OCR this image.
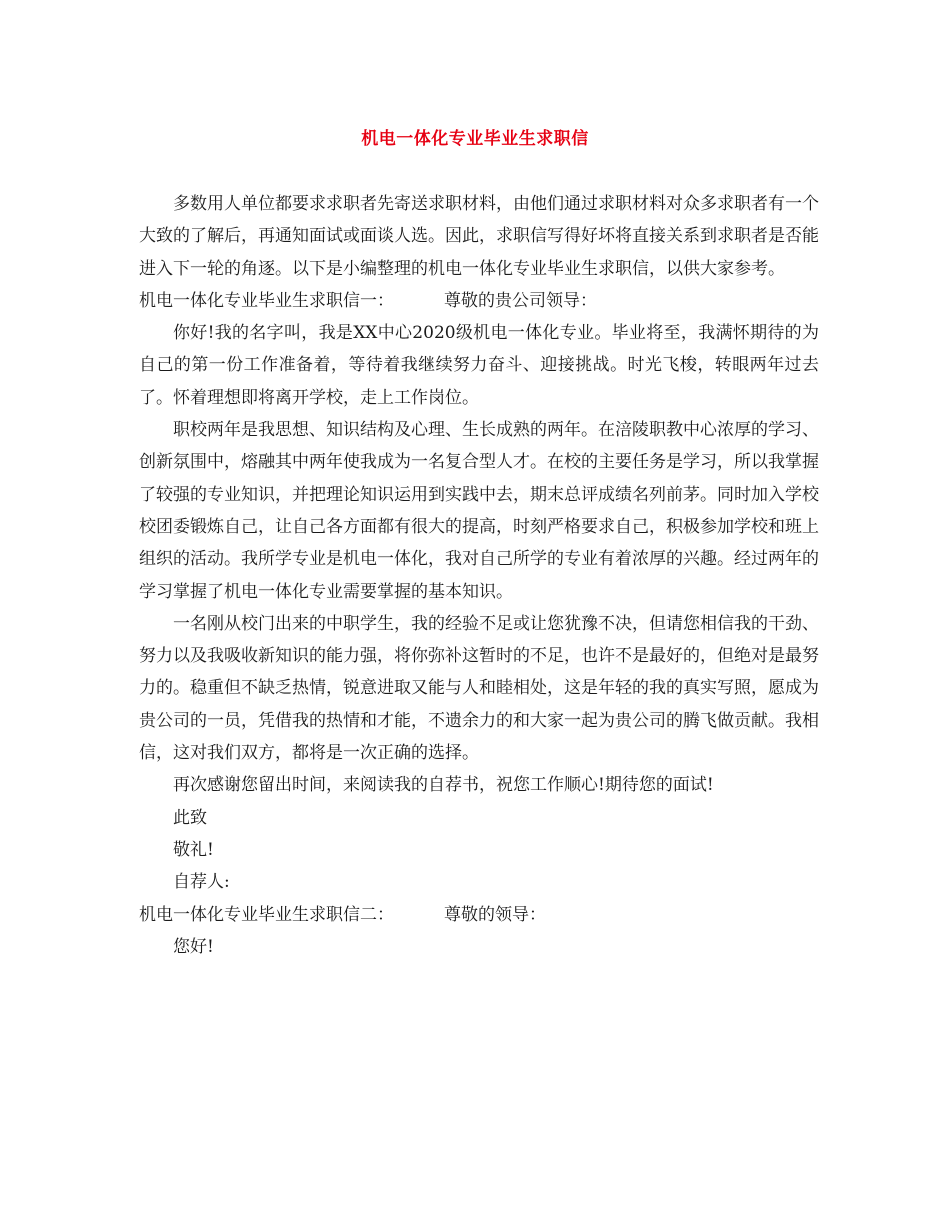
机电一体化专业毕业生求职信

多数用人单位都要求求职者先寄送求职材料，由他们通过求职材料对众多求职者有一个大致的了解后，再通知面试或面谈人选。因此，求职信写得好坏将直接关系到求职者是否能进入下一轮的角逐。以下是小编整理的机电一体化专业毕业生求职信，以供大家参考。

机电一体化专业毕业生求职信一：	尊敬的贵公司领导：

你好!我的名字叫，我是XX中心2020级机电一体化专业。毕业将至，我满怀期待的为自己的第一份工作准备着，等待着我继续努力奋斗、迎接挑战。时光飞梭，转眼两年过去了。怀着理想即将离开学校，走上工作岗位。

职校两年是我思想、知识结构及心理、生长成熟的两年。在涪陵职教中心浓厚的学习、创新氛围中，熔融其中两年使我成为一名复合型人才。在校的主要任务是学习，所以我掌握了较强的专业知识，并把理论知识运用到实践中去，期末总评成绩名列前茅。同时加入学校校团委锻炼自己，让自己各方面都有很大的提高，时刻严格要求自己，积极参加学校和班上组织的活动。我所学专业是机电一体化，我对自己所学的专业有着浓厚的兴趣。经过两年的学习掌握了机电一体化专业需要掌握的基本知识。

一名刚从校门出来的中职学生，我的经验不足或让您犹豫不决，但请您相信我的干劲、努力以及我吸收新知识的能力强，将你弥补这暂时的不足，也许不是最好的，但绝对是最努力的。稳重但不缺乏热情，锐意进取又能与人和睦相处，这是年轻的我的真实写照，愿成为贵公司的一员，凭借我的热情和才能，不遗余力的和大家一起为贵公司的腾飞做贡献。我相信，这对我们双方，都将是一次正确的选择。

再次感谢您留出时间，来阅读我的自荐书，祝您工作顺心!期待您的面试!

此致

敬礼!

自荐人:

机电一体化专业毕业生求职信二：	尊敬的领导：

您好!
